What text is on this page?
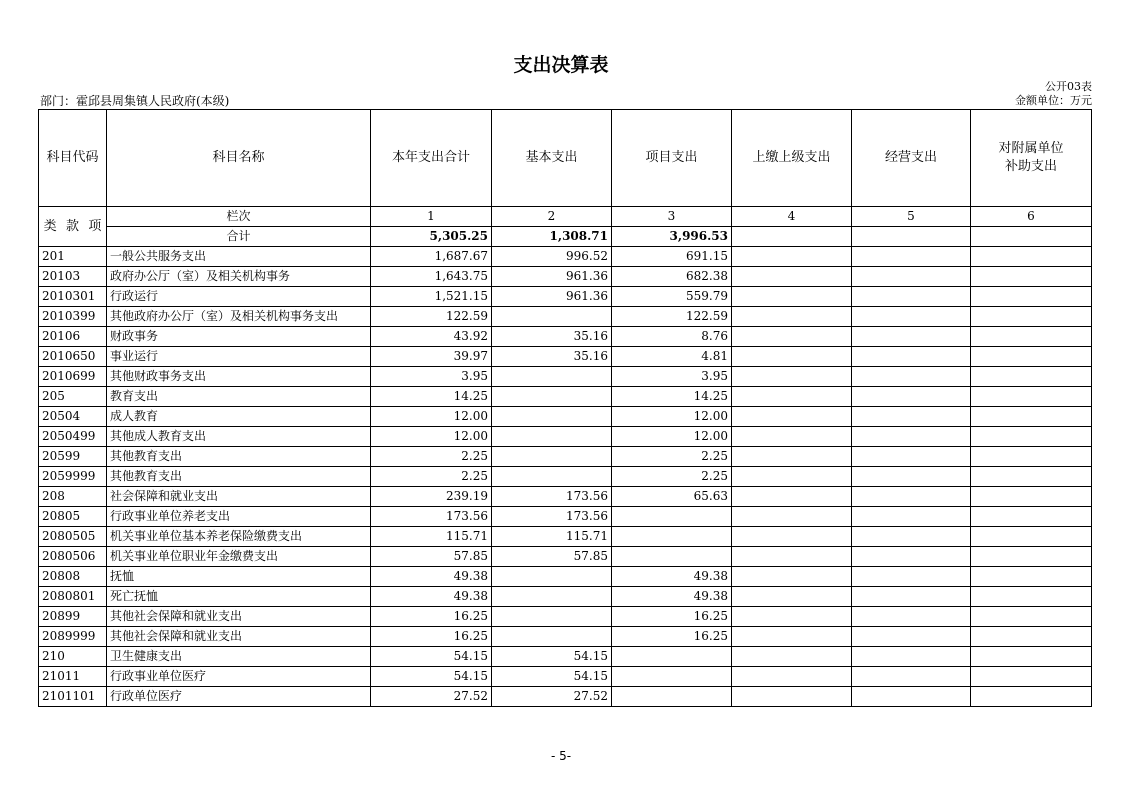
支出决算表
公开03表
部门：霍邱县周集镇人民政府(本级)	金额单位：万元
科目代码	科目名称	本年支出合计	基本支出	项目支出	上缴上级支出	经营支出	对附属单位
补助支出

类 款 项	栏次	1	2	3	4	5	6
	合计	5,305.25	1,308.71	3,996.53			
201	一般公共服务支出	1,687.67	996.52	691.15			
20103	政府办公厅（室）及相关机构事务	1,643.75	961.36	682.38			
2010301	行政运行	1,521.15	961.36	559.79			
2010399	其他政府办公厅（室）及相关机构事务支出	122.59		122.59			
20106	财政事务	43.92	35.16	8.76			
2010650	事业运行	39.97	35.16	4.81			
2010699	其他财政事务支出	3.95		3.95			
205	教育支出	14.25		14.25			
20504	成人教育	12.00		12.00			
2050499	其他成人教育支出	12.00		12.00			
20599	其他教育支出	2.25		2.25			
2059999	其他教育支出	2.25		2.25			
208	社会保障和就业支出	239.19	173.56	65.63			
20805	行政事业单位养老支出	173.56	173.56				
2080505	机关事业单位基本养老保险缴费支出	115.71	115.71				
2080506	机关事业单位职业年金缴费支出	57.85	57.85				
20808	抚恤	49.38		49.38			
2080801	死亡抚恤	49.38		49.38			
20899	其他社会保障和就业支出	16.25		16.25			
2089999	其他社会保障和就业支出	16.25		16.25			
210	卫生健康支出	54.15	54.15				
21011	行政事业单位医疗	54.15	54.15				
2101101	行政单位医疗	27.52	27.52				
- 5-
